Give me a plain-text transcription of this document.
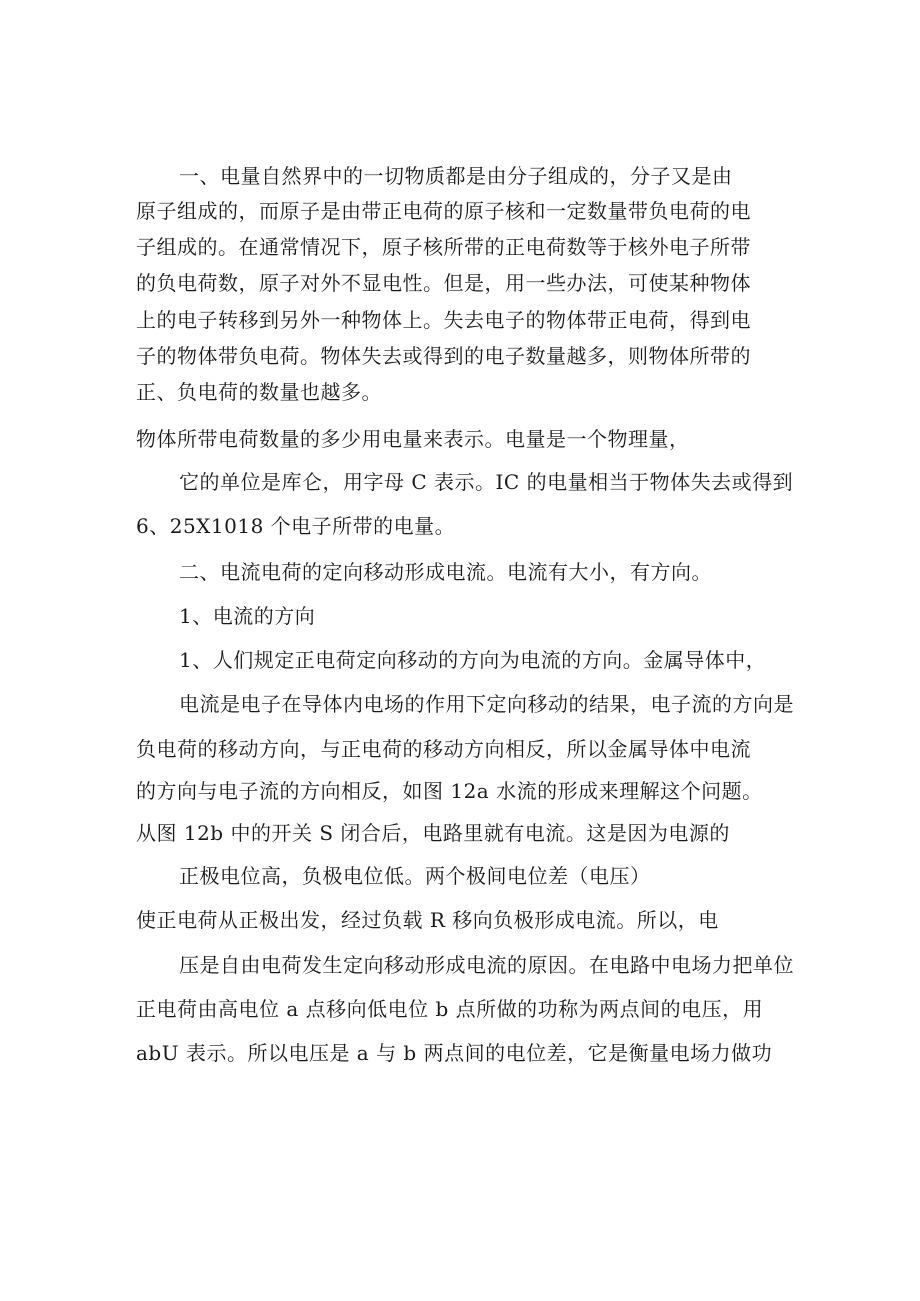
一、电量自然界中的一切物质都是由分子组成的，分子又是由
原子组成的，而原子是由带正电荷的原子核和一定数量带负电荷的电
子组成的。在通常情况下，原子核所带的正电荷数等于核外电子所带
的负电荷数，原子对外不显电性。但是，用一些办法，可使某种物体
上的电子转移到另外一种物体上。失去电子的物体带正电荷，得到电
子的物体带负电荷。物体失去或得到的电子数量越多，则物体所带的
正、负电荷的数量也越多。
物体所带电荷数量的多少用电量来表示。电量是一个物理量，
它的单位是库仑，用字母 C 表示。IC 的电量相当于物体失去或得到
6、25X1018 个电子所带的电量。
二、电流电荷的定向移动形成电流。电流有大小，有方向。
1、电流的方向
1、人们规定正电荷定向移动的方向为电流的方向。金属导体中，
电流是电子在导体内电场的作用下定向移动的结果，电子流的方向是
负电荷的移动方向，与正电荷的移动方向相反，所以金属导体中电流
的方向与电子流的方向相反，如图 12a 水流的形成来理解这个问题。
从图 12b 中的开关 S 闭合后，电路里就有电流。这是因为电源的
正极电位高，负极电位低。两个极间电位差（电压）
使正电荷从正极出发，经过负载 R 移向负极形成电流。所以，电
压是自由电荷发生定向移动形成电流的原因。在电路中电场力把单位
正电荷由高电位 a 点移向低电位 b 点所做的功称为两点间的电压，用
abU 表示。所以电压是 a 与 b 两点间的电位差，它是衡量电场力做功
